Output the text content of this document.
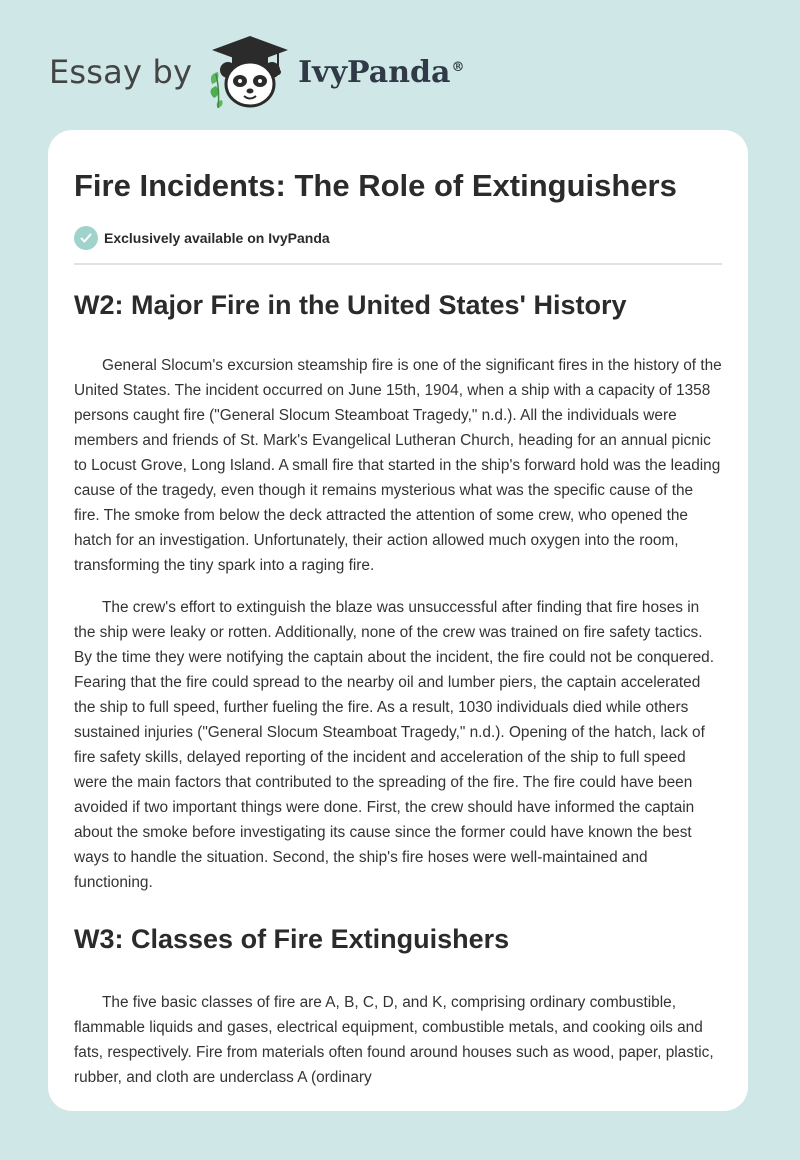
Essay by	IvyPanda®
Fire Incidents: The Role of Extinguishers
Exclusively available on IvyPanda
W2: Major Fire in the United States' History

General Slocum's excursion steamship fire is one of the significant fires in the history of the United States. The incident occurred on June 15th, 1904, when a ship with a capacity of 1358 persons caught fire ("General Slocum Steamboat Tragedy," n.d.). All the individuals were members and friends of St. Mark's Evangelical Lutheran Church, heading for an annual picnic to Locust Grove, Long Island. A small fire that started in the ship's forward hold was the leading cause of the tragedy, even though it remains mysterious what was the specific cause of the fire. The smoke from below the deck attracted the attention of some crew, who opened the hatch for an investigation. Unfortunately, their action allowed much oxygen into the room, transforming the tiny spark into a raging fire.

The crew's effort to extinguish the blaze was unsuccessful after finding that fire hoses in the ship were leaky or rotten. Additionally, none of the crew was trained on fire safety tactics. By the time they were notifying the captain about the incident, the fire could not be conquered. Fearing that the fire could spread to the nearby oil and lumber piers, the captain accelerated the ship to full speed, further fueling the fire. As a result, 1030 individuals died while others sustained injuries ("General Slocum Steamboat Tragedy," n.d.). Opening of the hatch, lack of fire safety skills, delayed reporting of the incident and acceleration of the ship to full speed were the main factors that contributed to the spreading of the fire. The fire could have been avoided if two important things were done. First, the crew should have informed the captain about the smoke before investigating its cause since the former could have known the best ways to handle the situation. Second, the ship's fire hoses were well-maintained and functioning.

W3: Classes of Fire Extinguishers

The five basic classes of fire are A, B, C, D, and K, comprising ordinary combustible, flammable liquids and gases, electrical equipment, combustible metals, and cooking oils and fats, respectively. Fire from materials often found around houses such as wood, paper, plastic, rubber, and cloth are underclass A (ordinary
